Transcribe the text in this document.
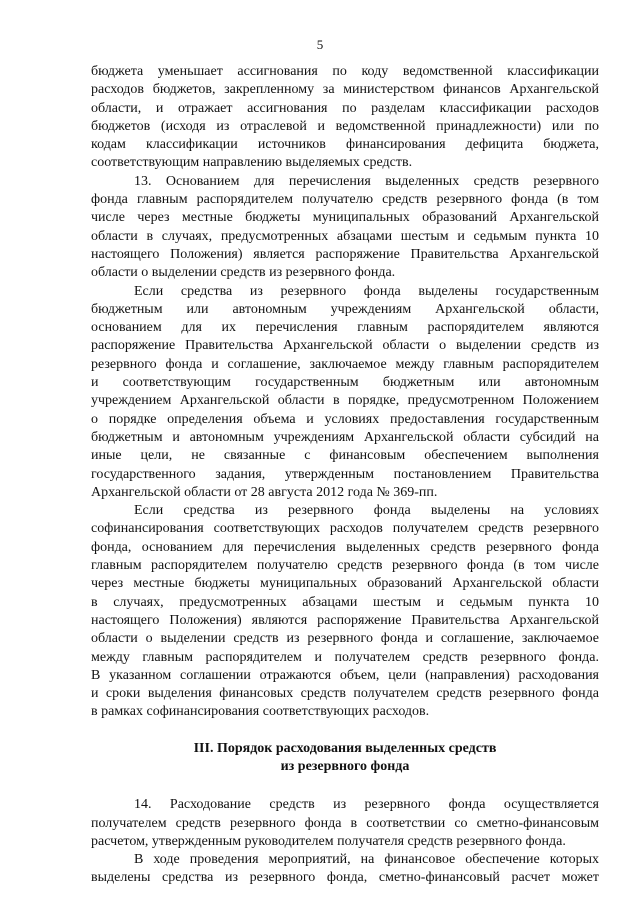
5
бюджета уменьшает ассигнования по коду ведомственной классификации
расходов бюджетов, закрепленному за министерством финансов Архангельской
области, и отражает ассигнования по разделам классификации расходов
бюджетов (исходя из отраслевой и ведомственной принадлежности) или по
кодам классификации источников финансирования дефицита бюджета,
соответствующим направлению выделяемых средств.
13. Основанием для перечисления выделенных средств резервного
фонда главным распорядителем получателю средств резервного фонда (в том
числе через местные бюджеты муниципальных образований Архангельской
области в случаях, предусмотренных абзацами шестым и седьмым пункта 10
настоящего Положения) является распоряжение Правительства Архангельской
области о выделении средств из резервного фонда.
Если средства из резервного фонда выделены государственным
бюджетным или автономным учреждениям Архангельской области,
основанием для их перечисления главным распорядителем являются
распоряжение Правительства Архангельской области о выделении средств из
резервного фонда и соглашение, заключаемое между главным распорядителем
и соответствующим государственным бюджетным или автономным
учреждением Архангельской области в порядке, предусмотренном Положением
о порядке определения объема и условиях предоставления государственным
бюджетным и автономным учреждениям Архангельской области субсидий на
иные цели, не связанные с финансовым обеспечением выполнения
государственного задания, утвержденным постановлением Правительства
Архангельской области от 28 августа 2012 года № 369-пп.
Если средства из резервного фонда выделены на условиях
софинансирования соответствующих расходов получателем средств резервного
фонда, основанием для перечисления выделенных средств резервного фонда
главным распорядителем получателю средств резервного фонда (в том числе
через местные бюджеты муниципальных образований Архангельской области
в случаях, предусмотренных абзацами шестым и седьмым пункта 10
настоящего Положения) являются распоряжение Правительства Архангельской
области о выделении средств из резервного фонда и соглашение, заключаемое
между главным распорядителем и получателем средств резервного фонда.
В указанном соглашении отражаются объем, цели (направления) расходования
и сроки выделения финансовых средств получателем средств резервного фонда
в рамках софинансирования соответствующих расходов.
III. Порядок расходования выделенных средств
из резервного фонда
14. Расходование средств из резервного фонда осуществляется
получателем средств резервного фонда в соответствии со сметно-финансовым
расчетом, утвержденным руководителем получателя средств резервного фонда.
В ходе проведения мероприятий, на финансовое обеспечение которых
выделены средства из резервного фонда, сметно-финансовый расчет может
